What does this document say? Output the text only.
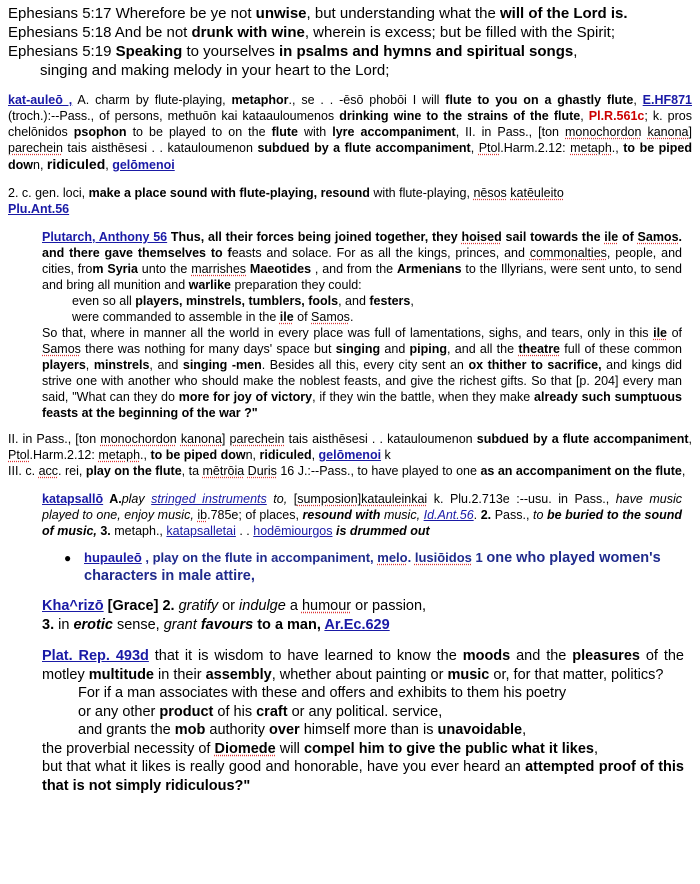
Ephesians 5:17 Wherefore be ye not unwise, but understanding what the will of the Lord is.

Ephesians 5:18 And be not drunk with wine, wherein is excess; but be filled with the Spirit;

Ephesians 5:19 Speaking to yourselves in psalms and hymns and spiritual songs,

singing and making melody in your heart to the Lord;

kat-auleō , A. charm by flute-playing, metaphor., se . . -ēsō phobōi I will flute to you on a ghastly flute, E.HF871 (troch.):--Pass., of persons, methuōn kai kataauloumenos drinking wine to the strains of the flute, Pl.R.561c; k. pros chelōnidos psophon to be played to on the flute with lyre accompaniment, II. in Pass., [ton monochordon kanona] parechein tais aisthēsesi . . katauloumenon subdued by a flute accompaniment, Ptol.Harm.2.12: metaph., to be piped down, ridiculed, gelōmenoi

2. c. gen. loci, make a place sound with flute-playing, resound with flute-playing, nēsos katēuleito
Plu.Ant.56

Plutarch, Anthony 56 Thus, all their forces being joined together, they hoised sail towards the ile of Samos. and there gave themselves to feasts and solace. For as all the kings, princes, and commonalties, people, and cities, from Syria unto the marrishes Maeotides , and from the Armenians to the Illyrians, were sent unto, to send and bring all munition and warlike preparation they could:

even so all players, minstrels, tumblers, fools, and festers,

were commanded to assemble in the ile of Samos.

So that, where in manner all the world in every place was full of lamentations, sighs, and tears, only in this ile of Samos there was nothing for many days' space but singing and piping, and all the theatre full of these common players, minstrels, and singing -men. Besides all this, every city sent an ox thither to sacrifice, and kings did strive one with another who should make the noblest feasts, and give the richest gifts. So that [p. 204] every man said, "What can they do more for joy of victory, if they win the battle, when they make already such sumptuous feasts at the beginning of the war ?"

II. in Pass., [ton monochordon kanona] parechein tais aisthēsesi . . katauloumenon subdued by a flute accompaniment, Ptol.Harm.2.12: metaph., to be piped down, ridiculed, gelōmenoi k
III. c. acc. rei, play on the flute, ta mētrōia Duris 16 J.:--Pass., to have played to one as an accompaniment on the flute,

katapsallō A.play stringed instruments to, [sumposion]katauleinkai k. Plu.2.713e :--usu. in Pass., have music played to one, enjoy music, ib.785e; of places, resound with music, Id.Ant.56. 2. Pass., to be buried to the sound of music, 3. metaph., katapsalletai . . hodēmiourgos is drummed out

● hupauleō , play on the flute in accompaniment, melo. lusiōidos 1 one who played women's characters in male attire,

Kha^rizō [Grace] 2. gratify or indulge a humour or passion,
3. in erotic sense, grant favours to a man, Ar.Ec.629

Plat. Rep. 493d that it is wisdom to have learned to know the moods and the pleasures of the motley multitude in their assembly, whether about painting or music or, for that matter, politics?

For if a man associates with these and offers and exhibits to them his poetry

or any other product of his craft or any political. service,

and grants the mob authority over himself more than is unavoidable,

the proverbial necessity of Diomede will compel him to give the public what it likes,

but that what it likes is really good and honorable, have you ever heard an attempted proof of this that is not simply ridiculous?"
